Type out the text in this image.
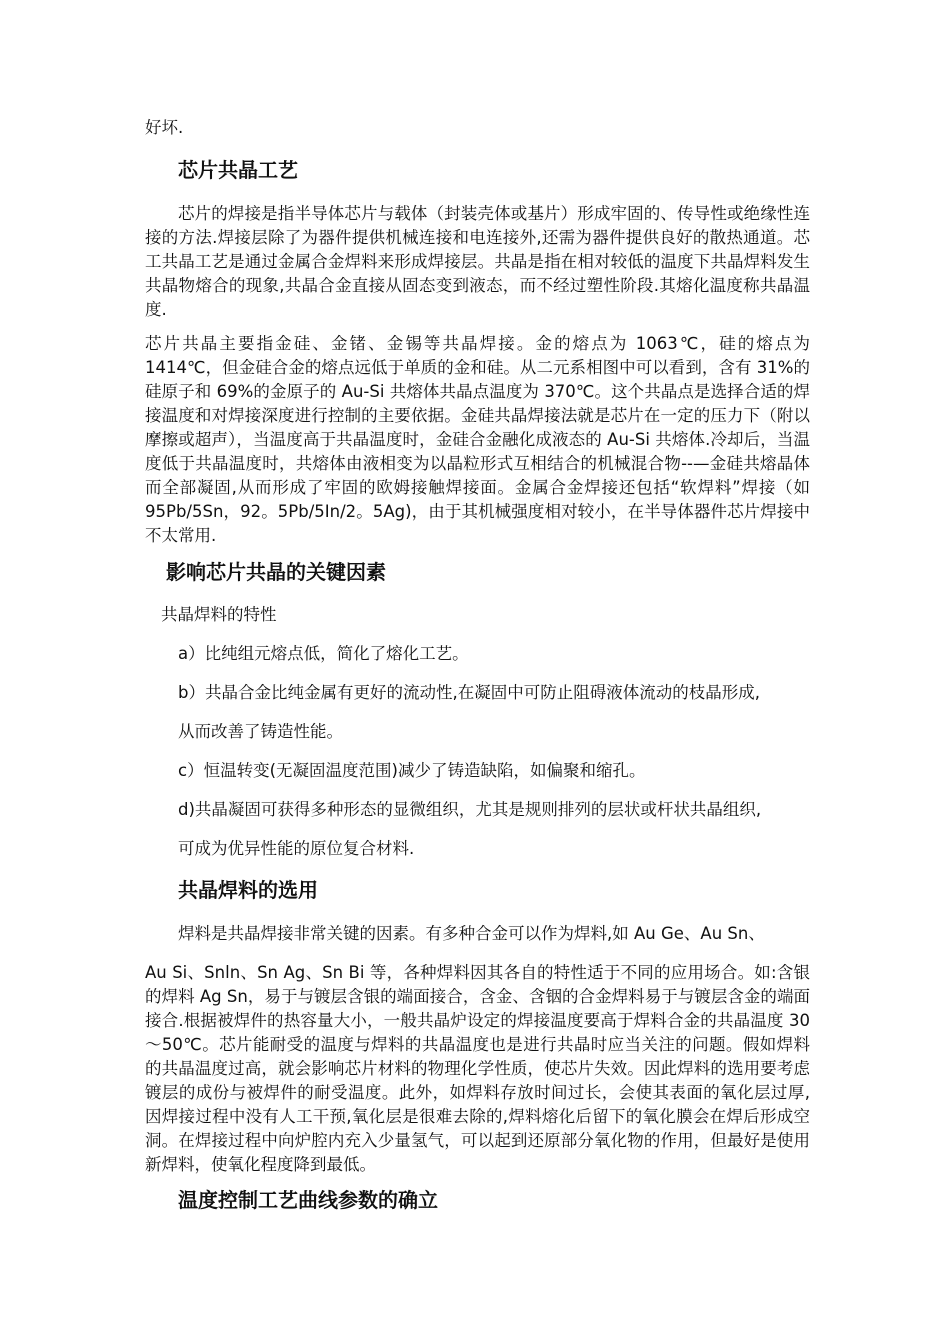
好坏.

芯片共晶工艺

芯片的焊接是指半导体芯片与载体（封装壳体或基片）形成牢固的、传导性或绝缘性连接的方法.焊接层除了为器件提供机械连接和电连接外,还需为器件提供良好的散热通道。芯工共晶工艺是通过金属合金焊料来形成焊接层。共晶是指在相对较低的温度下共晶焊料发生共晶物熔合的现象,共晶合金直接从固态变到液态，而不经过塑性阶段.其熔化温度称共晶温度.

芯片共晶主要指金硅、金锗、金锡等共晶焊接。金的熔点为 1063℃，硅的熔点为 1414℃，但金硅合金的熔点远低于单质的金和硅。从二元系相图中可以看到，含有 31%的硅原子和 69%的金原子的 Au-Si 共熔体共晶点温度为 370℃。这个共晶点是选择合适的焊接温度和对焊接深度进行控制的主要依据。金硅共晶焊接法就是芯片在一定的压力下（附以摩擦或超声），当温度高于共晶温度时，金硅合金融化成液态的 Au-Si 共熔体.冷却后，当温度低于共晶温度时，共熔体由液相变为以晶粒形式互相结合的机械混合物--—金硅共熔晶体而全部凝固,从而形成了牢固的欧姆接触焊接面。金属合金焊接还包括“软焊料”焊接（如 95Pb/5Sn，92。5Pb/5In/2。5Ag)，由于其机械强度相对较小，在半导体器件芯片焊接中不太常用.

影响芯片共晶的关键因素

共晶焊料的特性

a）比纯组元熔点低，简化了熔化工艺。

b）共晶合金比纯金属有更好的流动性,在凝固中可防止阻碍液体流动的枝晶形成,

从而改善了铸造性能。

c）恒温转变(无凝固温度范围)减少了铸造缺陷，如偏聚和缩孔。

d)共晶凝固可获得多种形态的显微组织，尤其是规则排列的层状或杆状共晶组织,

可成为优异性能的原位复合材料.

共晶焊料的选用

焊料是共晶焊接非常关键的因素。有多种合金可以作为焊料,如 Au Ge、Au Sn、

Au Si、Snln、Sn Ag、Sn Bi 等，各种焊料因其各自的特性适于不同的应用场合。如:含银的焊料 Ag Sn，易于与镀层含银的端面接合，含金、含铟的合金焊料易于与镀层含金的端面接合.根据被焊件的热容量大小，一般共晶炉设定的焊接温度要高于焊料合金的共晶温度 30～50℃。芯片能耐受的温度与焊料的共晶温度也是进行共晶时应当关注的问题。假如焊料的共晶温度过高，就会影响芯片材料的物理化学性质，使芯片失效。因此焊料的选用要考虑镀层的成份与被焊件的耐受温度。此外，如焊料存放时间过长，会使其表面的氧化层过厚,因焊接过程中没有人工干预,氧化层是很难去除的,焊料熔化后留下的氧化膜会在焊后形成空洞。在焊接过程中向炉腔内充入少量氢气，可以起到还原部分氧化物的作用，但最好是使用新焊料，使氧化程度降到最低。

温度控制工艺曲线参数的确立
